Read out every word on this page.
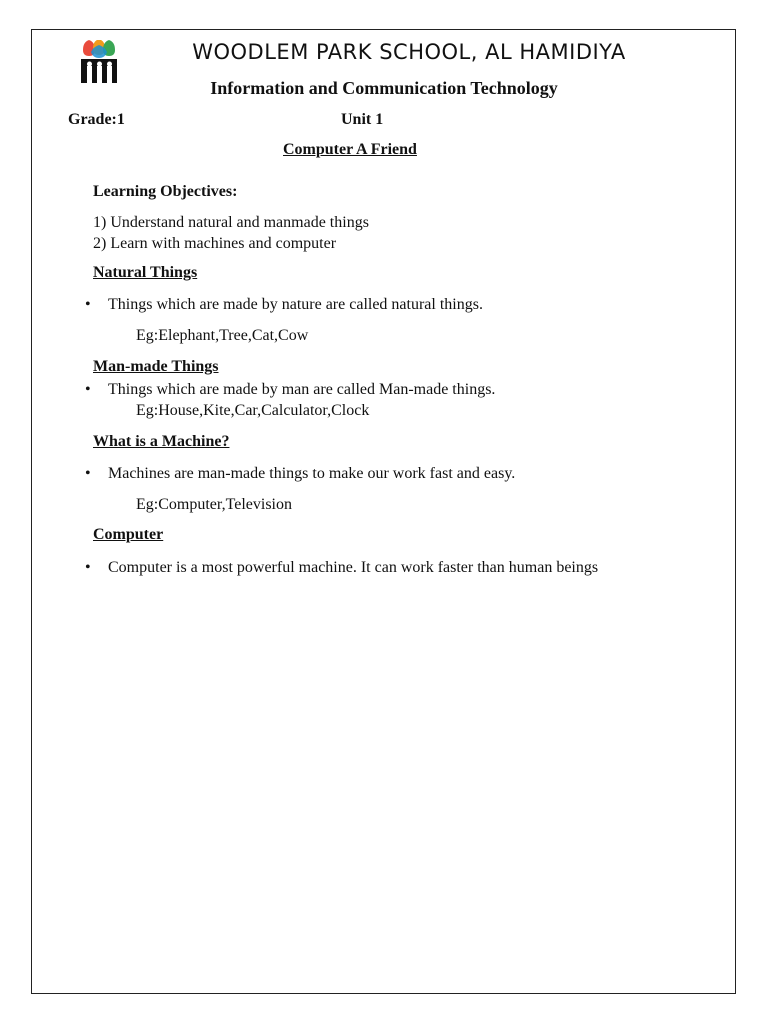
WOODLEM PARK SCHOOL, AL HAMIDIYA
Information and Communication Technology
Grade:1	Unit 1
Computer A Friend
Learning Objectives:
1) Understand natural and manmade things
2) Learn with machines and computer
Natural Things
• Things which are made by nature are called natural things.
Eg:Elephant,Tree,Cat,Cow
Man-made Things
• Things which are made by man are called Man-made things.
Eg:House,Kite,Car,Calculator,Clock
What is a Machine?
• Machines are man-made things to make our work fast and easy.
Eg:Computer,Television
Computer
• Computer is a most powerful machine. It can work faster than human beings
